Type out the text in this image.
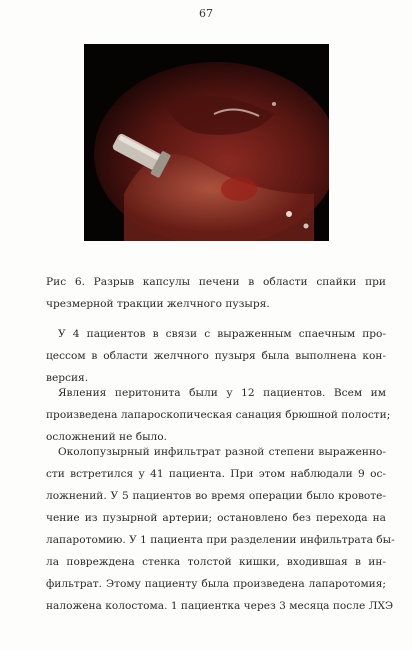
67
Рис 6. Разрыв капсулы печени в области спайки при
чрезмерной тракции желчного пузыря.
У 4 пациентов в связи с выраженным спаечным про-
цессом в области желчного пузыря была выполнена кон-
версия.
Явления перитонита были у 12 пациентов. Всем им
произведена лапароскопическая санация брюшной полости;
осложнений не было.
Околопузырный инфильтрат разной степени выраженно-
сти встретился у 41 пациента. При этом наблюдали 9 ос-
ложнений. У 5 пациентов во время операции было кровоте-
чение из пузырной артерии; остановлено без перехода на
лапаротомию. У 1 пациента при разделении инфильтрата бы-
ла повреждена стенка толстой кишки, входившая в ин-
фильтрат. Этому пациенту была произведена лапаротомия;
наложена колостома. 1 пациентка через 3 месяца после ЛХЭ
